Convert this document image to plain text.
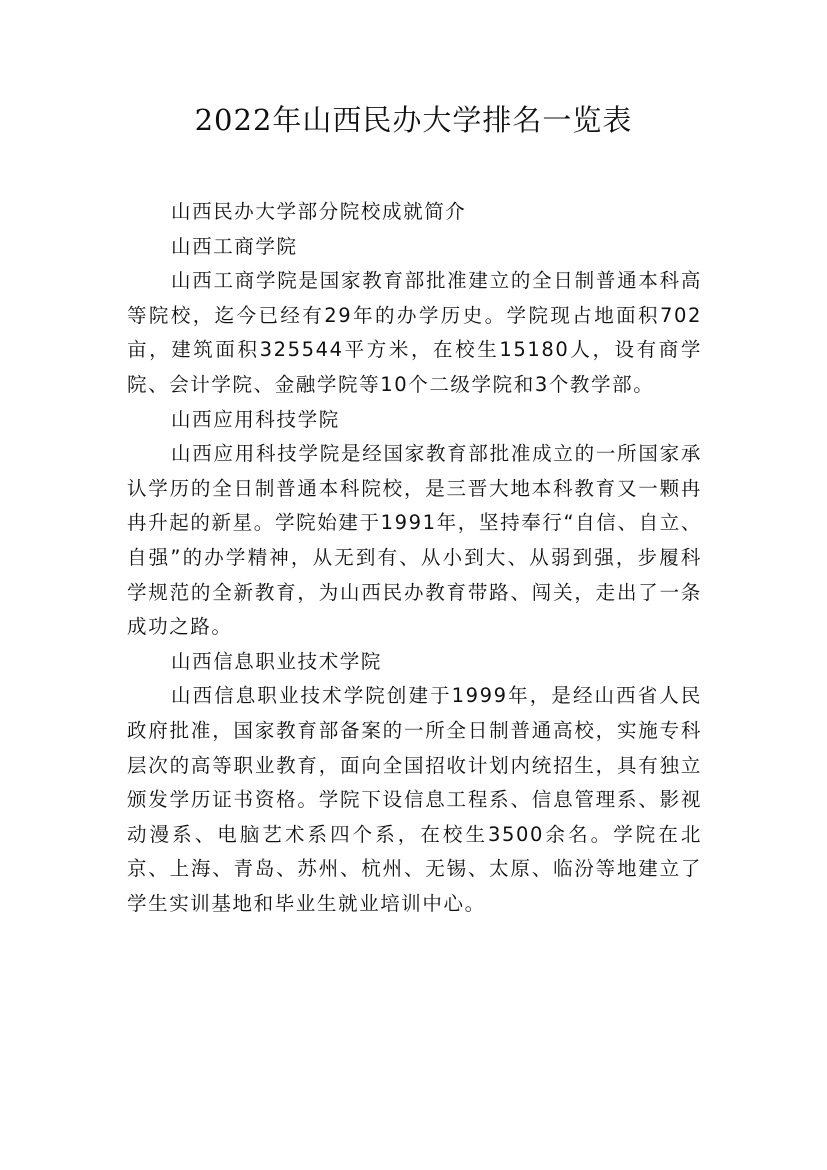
2022年山西民办大学排名一览表

山西民办大学部分院校成就简介

山西工商学院

山西工商学院是国家教育部批准建立的全日制普通本科高等院校，迄今已经有29年的办学历史。学院现占地面积702亩，建筑面积325544平方米，在校生15180人，设有商学院、会计学院、金融学院等10个二级学院和3个教学部。

山西应用科技学院

山西应用科技学院是经国家教育部批准成立的一所国家承认学历的全日制普通本科院校，是三晋大地本科教育又一颗冉冉升起的新星。学院始建于1991年，坚持奉行“自信、自立、自强”的办学精神，从无到有、从小到大、从弱到强，步履科学规范的全新教育，为山西民办教育带路、闯关，走出了一条成功之路。

山西信息职业技术学院

山西信息职业技术学院创建于1999年，是经山西省人民政府批准，国家教育部备案的一所全日制普通高校，实施专科层次的高等职业教育，面向全国招收计划内统招生，具有独立颁发学历证书资格。学院下设信息工程系、信息管理系、影视动漫系、电脑艺术系四个系，在校生3500余名。学院在北京、上海、青岛、苏州、杭州、无锡、太原、临汾等地建立了学生实训基地和毕业生就业培训中心。
